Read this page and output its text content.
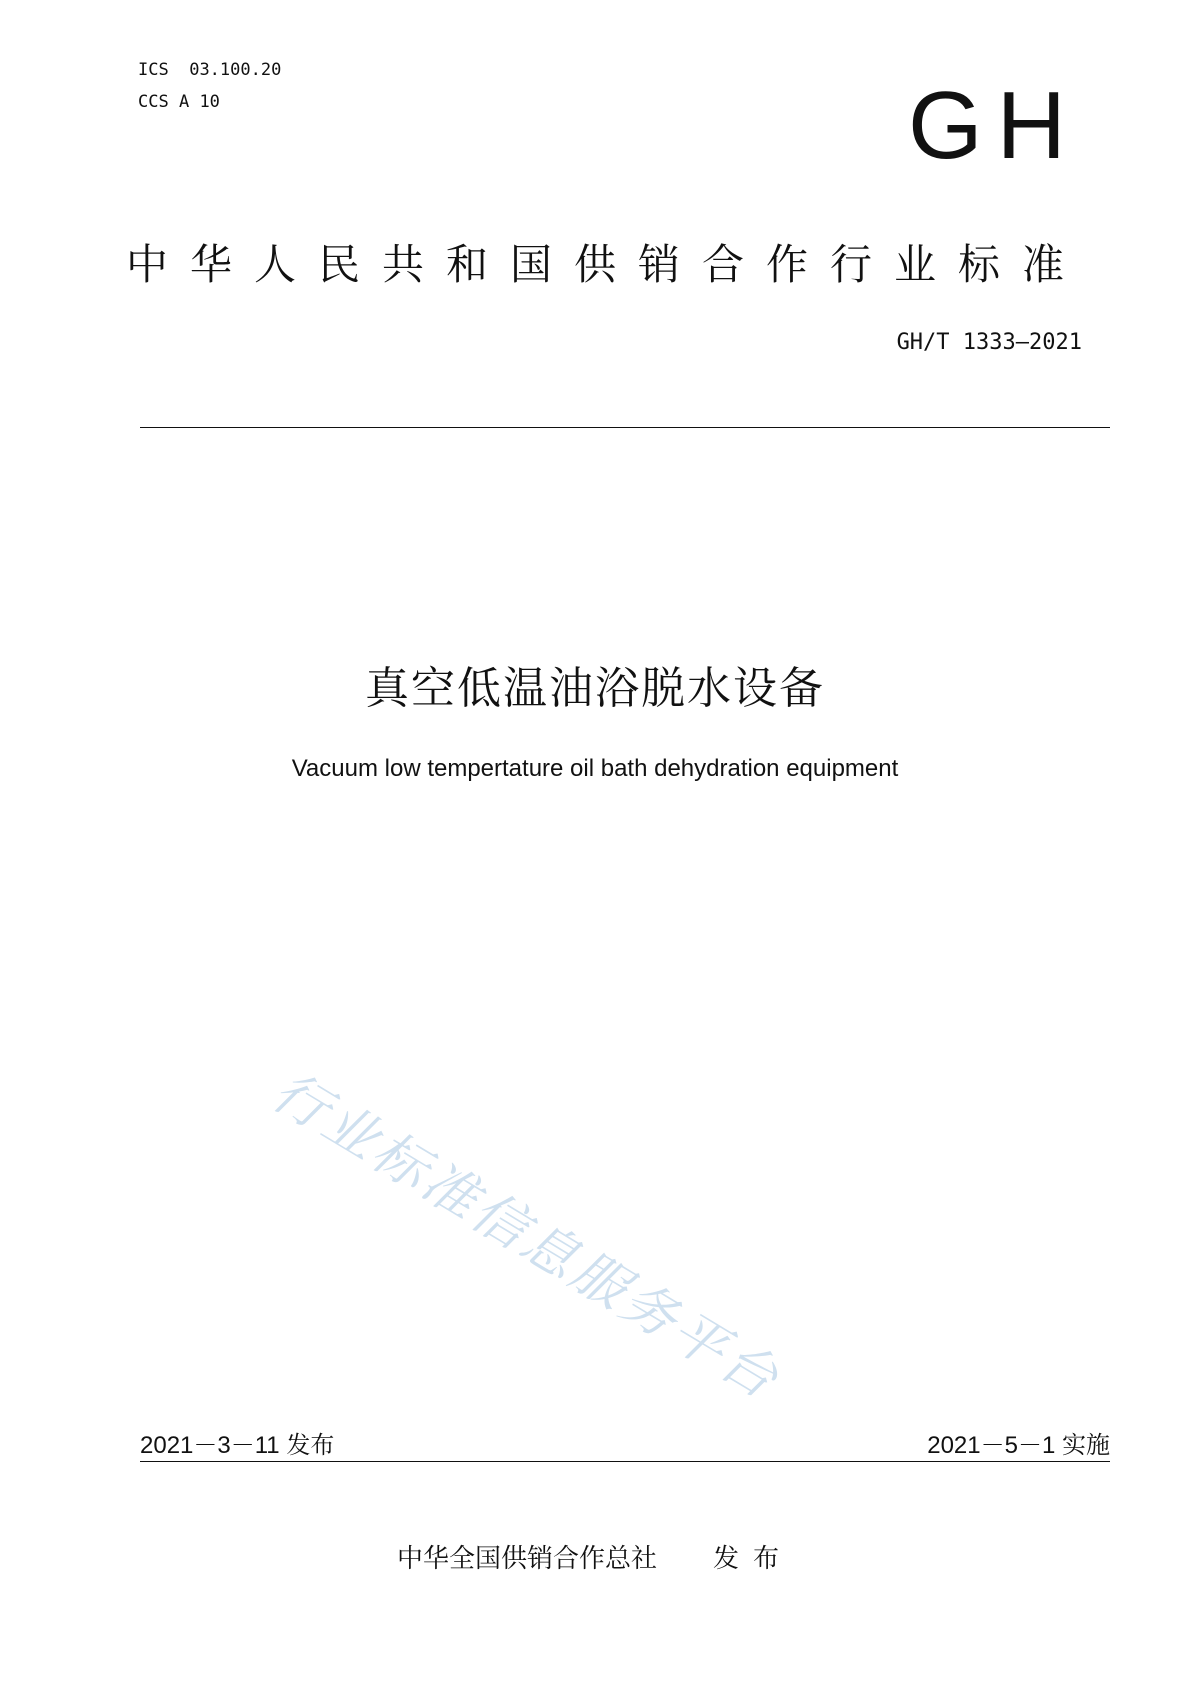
ICS 03.100.20
CCS A 10	GH
中华人民共和国供销合作行业标准
GH/T 1333—2021
真空低温油浴脱水设备
Vacuum low tempertature oil bath dehydration equipment
行业标准信息服务平台
2021－3－11 发布	2021－5－1 实施
中华全国供销合作总社 发布
